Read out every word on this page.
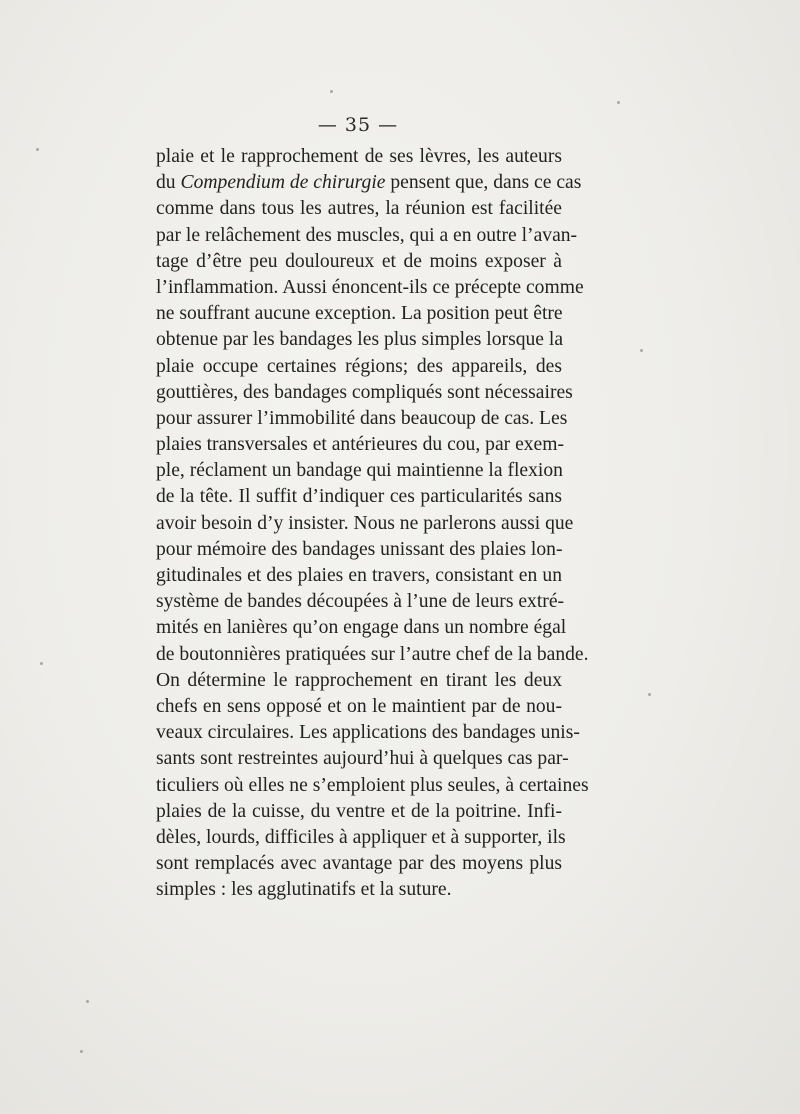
— 35 —
plaie et le rapprochement de ses lèvres, les auteurs
du Compendium de chirurgie pensent que, dans ce cas
comme dans tous les autres, la réunion est facilitée
par le relâchement des muscles, qui a en outre l’avan-
tage d’être peu douloureux et de moins exposer à
l’inflammation. Aussi énoncent-ils ce précepte comme
ne souffrant aucune exception. La position peut être
obtenue par les bandages les plus simples lorsque la
plaie occupe certaines régions; des appareils, des
gouttières, des bandages compliqués sont nécessaires
pour assurer l’immobilité dans beaucoup de cas. Les
plaies transversales et antérieures du cou, par exem-
ple, réclament un bandage qui maintienne la flexion
de la tête. Il suffit d’indiquer ces particularités sans
avoir besoin d’y insister. Nous ne parlerons aussi que
pour mémoire des bandages unissant des plaies lon-
gitudinales et des plaies en travers, consistant en un
système de bandes découpées à l’une de leurs extré-
mités en lanières qu’on engage dans un nombre égal
de boutonnières pratiquées sur l’autre chef de la bande.
On détermine le rapprochement en tirant les deux
chefs en sens opposé et on le maintient par de nou-
veaux circulaires. Les applications des bandages unis-
sants sont restreintes aujourd’hui à quelques cas par-
ticuliers où elles ne s’emploient plus seules, à certaines
plaies de la cuisse, du ventre et de la poitrine. Infi-
dèles, lourds, difficiles à appliquer et à supporter, ils
sont remplacés avec avantage par des moyens plus
simples : les agglutinatifs et la suture.
